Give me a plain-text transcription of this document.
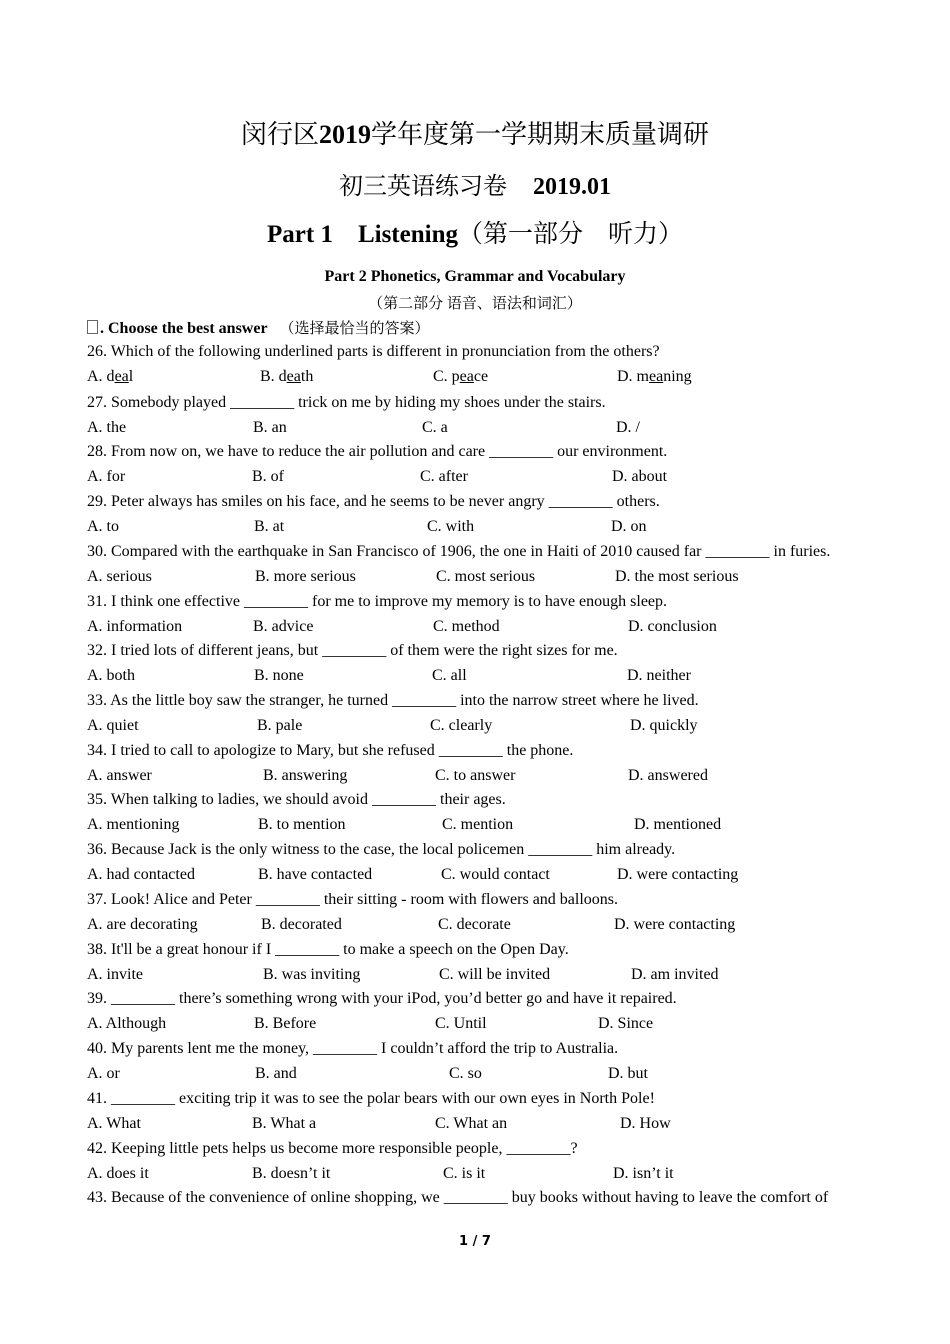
闵行区2019学年度第一学期期末质量调研
初三英语练习卷 2019.01
Part 1    Listening（第一部分    听力）
Part 2 Phonetics, Grammar and Vocabulary
（第二部分 语音、语法和词汇）
. Choose the best answer （选择最恰当的答案）
26. Which of the following underlined parts is different in pronunciation from the others?
A. deal	B. death	C. peace	D. meaning
27. Somebody played ________ trick on me by hiding my shoes under the stairs.
A. the	B. an	C. a	D. /
28. From now on, we have to reduce the air pollution and care ________ our environment.
A. for	B. of	C. after	D. about
29. Peter always has smiles on his face, and he seems to be never angry ________ others.
A. to	B. at	C. with	D. on
30. Compared with the earthquake in San Francisco of 1906, the one in Haiti of 2010 caused far ________ in furies.
A. serious	B. more serious	C. most serious	D. the most serious
31. I think one effective ________ for me to improve my memory is to have enough sleep.
A. information	B. advice	C. method	D. conclusion
32. I tried lots of different jeans, but ________ of them were the right sizes for me.
A. both	B. none	C. all	D. neither
33. As the little boy saw the stranger, he turned ________ into the narrow street where he lived.
A. quiet	B. pale	C. clearly	D. quickly
34. I tried to call to apologize to Mary, but she refused ________ the phone.
A. answer	B. answering	C. to answer	D. answered
35. When talking to ladies, we should avoid ________ their ages.
A. mentioning	B. to mention	C. mention	D. mentioned
36. Because Jack is the only witness to the case, the local policemen ________ him already.
A. had contacted	B. have contacted	C. would contact	D. were contacting
37. Look! Alice and Peter ________ their sitting - room with flowers and balloons.
A. are decorating	B. decorated	C. decorate	D. were contacting
38. It'll be a great honour if I ________ to make a speech on the Open Day.
A. invite	B. was inviting	C. will be invited	D. am invited
39. ________ there’s something wrong with your iPod, you’d better go and have it repaired.
A. Although	B. Before	C. Until	D. Since
40. My parents lent me the money, ________ I couldn’t afford the trip to Australia.
A. or	B. and	C. so	D. but
41. ________ exciting trip it was to see the polar bears with our own eyes in North Pole!
A. What	B. What a	C. What an	D. How
42. Keeping little pets helps us become more responsible people, ________?
A. does it	B. doesn’t it	C. is it	D. isn’t it
43. Because of the convenience of online shopping, we ________ buy books without having to leave the comfort of
1 / 7
